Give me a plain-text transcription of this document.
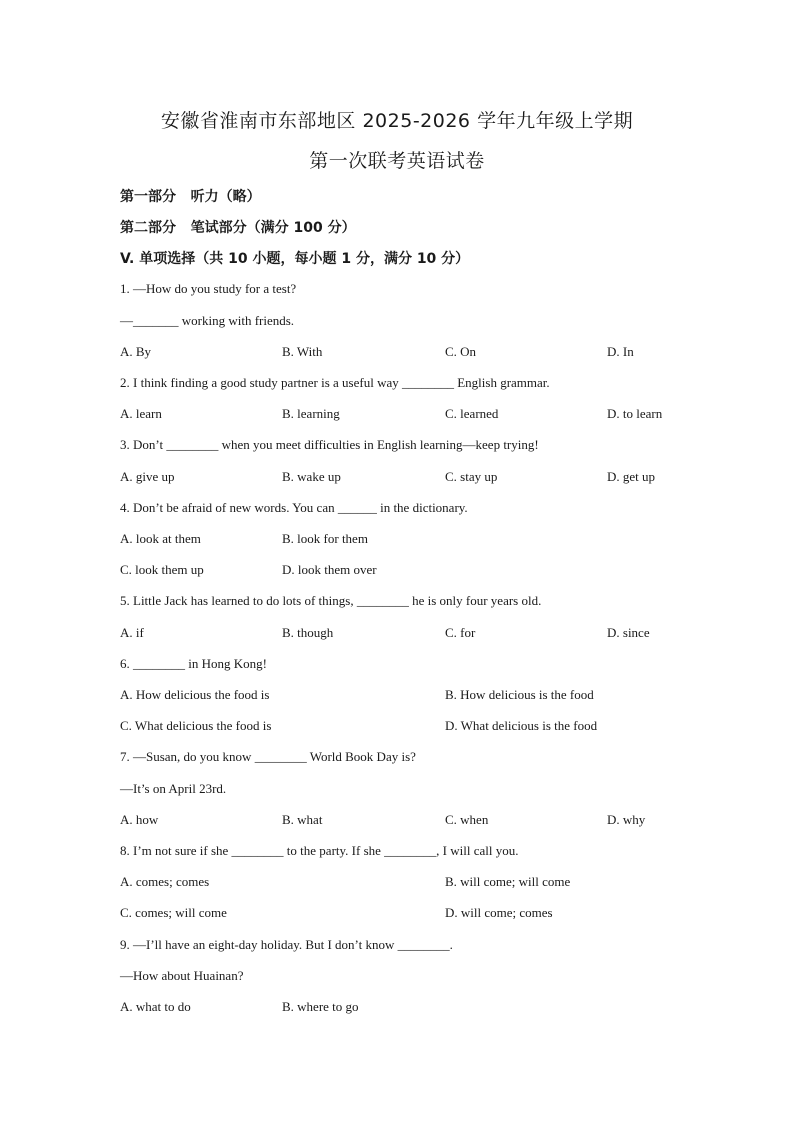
安徽省淮南市东部地区 2025-2026 学年九年级上学期
第一次联考英语试卷
第一部分   听力（略）
第二部分   笔试部分（满分 100 分）
V. 单项选择（共 10 小题，每小题 1 分，满分 10 分）
1. —How do you study for a test?
—_______ working with friends.
A. By	B. With	C. On	D. In
2. I think finding a good study partner is a useful way ________ English grammar.
A. learn	B. learning	C. learned	D. to learn
3. Don’t ________ when you meet difficulties in English learning—keep trying!
A. give up	B. wake up	C. stay up	D. get up
4. Don’t be afraid of new words. You can ______ in the dictionary.
A. look at them	B. look for them
C. look them up	D. look them over
5. Little Jack has learned to do lots of things, ________ he is only four years old.
A. if	B. though	C. for	D. since
6. ________ in Hong Kong!
A. How delicious the food is	B. How delicious is the food
C. What delicious the food is	D. What delicious is the food
7. —Susan, do you know ________ World Book Day is?
—It’s on April 23rd.
A. how	B. what	C. when	D. why
8. I’m not sure if she ________ to the party. If she ________, I will call you.
A. comes; comes	B. will come; will come
C. comes; will come	D. will come; comes
9. —I’ll have an eight-day holiday. But I don’t know ________.
—How about Huainan?
A. what to do	B. where to go
